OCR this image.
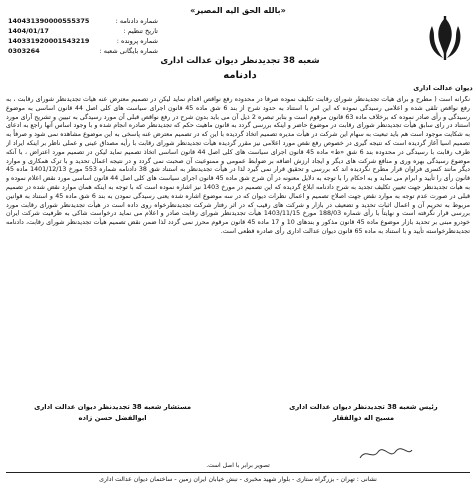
«بالله الحق الیه المصیر»
دیوان عدالت اداری
شماره دادنامه :
140431390000555375
تاریخ تنظیم :
1404/01/17
شماره پرونده :
140331920001543219
شماره بایگانی شعبه :
0303264
شعبه 38 تجدیدنظر دیوان عدالت اداری
دادنامه
نگرانه است ( مطرح و برای هیأت تجدیدنظر شورای رقابت تکلیف نموده صرفاً در محدوده رفع نواقص اقدام نماید لیکن در تصمیم معترض عنه هیأت تجدیدنظر شورای رقابت ، به رفع نواقص تلقی شده و اعلامی رسیدگی نموده که این امر با استناد به حدود شرح از بند 6 شق ماده 45 قانون اجرای سیاست های کلی اصل 44 قانون اساسی به موضوع رسیدگی و رأی صادر نموده که برخلاف ماده 63 قانون مرقوم است و بنابر تبصره 2 ذیل آن می باید بدون شرح در رفع نواقص قبلی آن مورد رسیدگی به تبیین و تشریح آرای مورد استناد در رای سابق هیأت تجدیدنظر شورای رقابت در موضوع حاضر و اینکه بررسی گردد به قانون ماهیت حکم که تجدیدنظر صادره انجام شده و با وجود اساس آنها راجع به ادعای به شکایت موجود است هم باید تبعیت به سهام این شرکت در هیأت مدیره تصمیم اتخاذ گردیده با این که در تصمیم معترض عنه پاسخی به این موضوع مشاهده نمی شود و صرفاً به تصمیم اسیا آغاز گردیده است که نتیجه گیری در خصوص رفع نقص مورد اعلامی نیز مقرر گردیده هیأت تجدیدنظر شورای رقابت با رأیه مصداق عینی و عملی ناظر بر اینکه ایراد از طرف رقابت با رسیدگی در محدوده بند 6 شق «ط» ماده 45 قانون اجرای سیاست های کلی اصل 44 قانون اساسی اتخاذ تصمیم نماید لیکن در تصمیم مورد اعتراض ، با آنکه موضوع رسیدگی بهره وری و منافع شرکت های دیگر و ایجاد ارزش اضافه بر ضوابط عمومی و ممنوعیت آن صحبت نمی گردد و در نتیجه اعمال تحدید و با ترک همکاری و موارد دیگر مانند کسری فراوان قرار مطرح نگردیده اند که بررسی و تحقیق قرار نمی گیرد لذا در هیأت تجدیدنظر به استناد شق 38 دادنامه شماره 553 مورخ 1401/12/13 ماده 45 قانون رأی را تأیید و ابرام می نماید و به احکام را با توجه به دلایل معنونه در آن شرح شق ماده 45 قانون اجرای سیاست های کلی اصل 44 قانون اساسی مورد نقض اعلام نموده و به هیأت تجدیدنظر جهت تعیین تکلیف تجدید به شرح دادنامه ابلاغ گردیده که این تصمیم در مورخ 1403 نیز اشاره نموده است که با توجه به اینکه همان موارد نقض شده در تصمیم قبلی در صورت عدم توجه به موارد نقض جهت اصلاح تصمیم و اعمال نظرات دیوان که در سه موضوع اشاره شده یعنی رسیدگی نمودن به بند 6 شق ماده 45 و استناد به قوانین مربوط به تحریم آن و اعمال اثبات تحدید و تضعیف در بازار و شرکت های رقیب که در اثر رفتار شرکت تجدیدنظرخواه روی داده است در هیأت تجدیدنظر شورای رقابت مورد بررسی قرار نگرفته است و نهایتاً با رأی شماره 188/03 مورخ 1403/11/15 هیأت تجدیدنظر شورای رقابت صادر و اعلام می نماید درخواست شاکی به ظرفیت شرکت ایران خودرو مبنی بر تحدید بازار موضوع ماده 45 قانون مذکور و بندهای 10 و 17 ماده 45 قانون مرقوم محرز نمی گردد لذا ضمن نقض تصمیم هیأت تجدیدنظر شورای رقابت، دادنامه تجدیدنظرخواسته تأیید و با استناد به ماده 65 قانون دیوان عدالت اداری رأی صادره قطعی است.
رئیس شعبه 38 تجدیدنظر دیوان عدالت اداری
مسیح اله ذوالفقار
مستشار شعبه 38 تجدیدنظر دیوان عدالت اداری
ابوالفضل حسن زاده
تصویر برابر با اصل است.
نشانی : تهران - بزرگراه ستاری - بلوار شهید مخبری - نبش خیابان ایران زمین - ساختمان دیوان عدالت اداری
